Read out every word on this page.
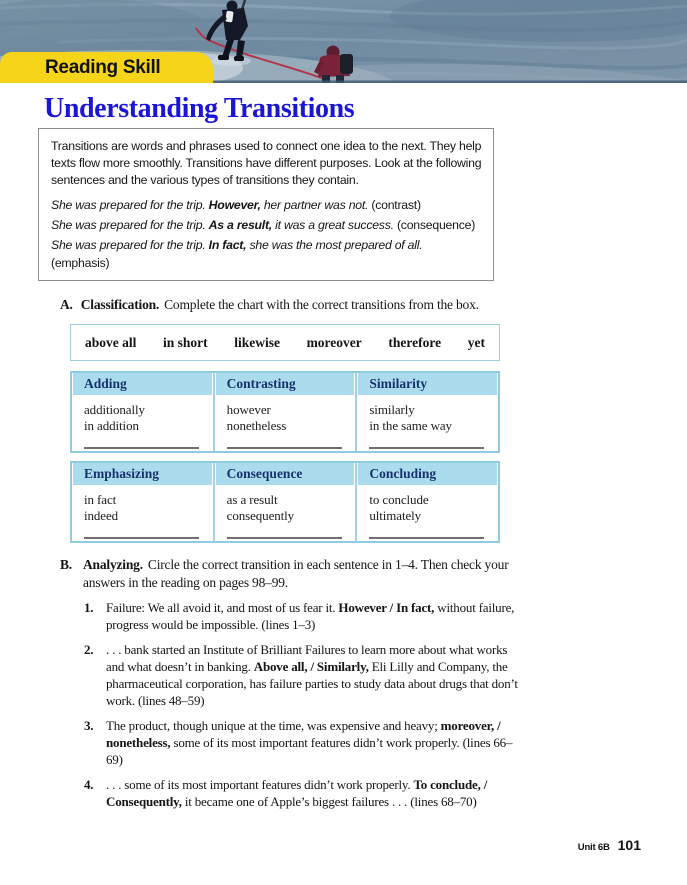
Reading Skill
Understanding Transitions
Transitions are words and phrases used to connect one idea to the next. They help texts flow more smoothly. Transitions have different purposes. Look at the following sentences and the various types of transitions they contain.
She was prepared for the trip. However, her partner was not. (contrast)
She was prepared for the trip. As a result, it was a great success. (consequence)
She was prepared for the trip. In fact, she was the most prepared of all. (emphasis)
A. Classification. Complete the chart with the correct transitions from the box.
above all in short likewise moreover therefore yet
Adding
additionally
in addition
Contrasting
however
nonetheless
Similarity
similarly
in the same way
Emphasizing
in fact
indeed
Consequence
as a result
consequently
Concluding
to conclude
ultimately
B. Analyzing. Circle the correct transition in each sentence in 1–4. Then check your answers in the reading on pages 98–99.
1. Failure: We all avoid it, and most of us fear it. However / In fact, without failure, progress would be impossible. (lines 1–3)
2. . . . bank started an Institute of Brilliant Failures to learn more about what works and what doesn’t in banking. Above all, / Similarly, Eli Lilly and Company, the pharmaceutical corporation, has failure parties to study data about drugs that don’t work. (lines 48–59)
3. The product, though unique at the time, was expensive and heavy; moreover, / nonetheless, some of its most important features didn’t work properly. (lines 66–69)
4. . . . some of its most important features didn’t work properly. To conclude, / Consequently, it became one of Apple’s biggest failures . . . (lines 68–70)
Unit 6B 101
